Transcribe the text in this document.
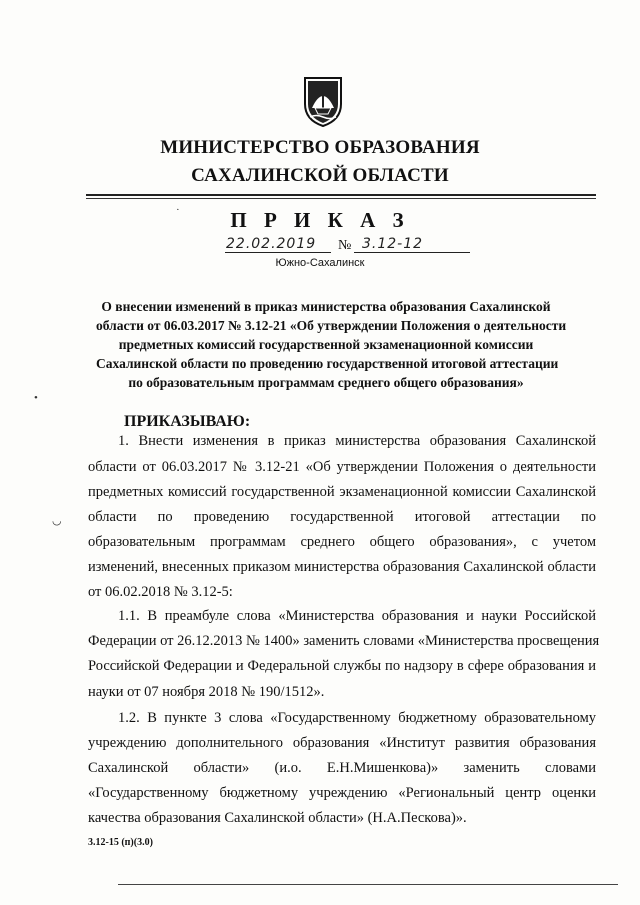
МИНИСТЕРСТВО ОБРАЗОВАНИЯ
САХАЛИНСКОЙ ОБЛАСТИ
П Р И К А З
22.02.2019 № 3.12-12
Южно-Сахалинск
О внесении изменений в приказ министерства образования Сахалинской
области от 06.03.2017 № 3.12-21 «Об утверждении Положения о деятельности
предметных комиссий государственной экзаменационной комиссии
Сахалинской области по проведению государственной итоговой аттестации
по образовательным программам среднего общего образования»
ПРИКАЗЫВАЮ:
1. Внести изменения в приказ министерства образования Сахалинской
области от 06.03.2017 № 3.12-21 «Об утверждении Положения о деятельности
предметных комиссий государственной экзаменационной комиссии Сахалинской
области по проведению государственной итоговой аттестации по
образовательным программам среднего общего образования», с учетом
изменений, внесенных приказом министерства образования Сахалинской области
от 06.02.2018 № 3.12-5:
1.1. В преамбуле слова «Министерства образования и науки Российской
Федерации от 26.12.2013 № 1400» заменить словами «Министерства просвещения
Российской Федерации и Федеральной службы по надзору в сфере образования и
науки от 07 ноября 2018 № 190/1512».
1.2. В пункте 3 слова «Государственному бюджетному образовательному
учреждению дополнительного образования «Институт развития образования
Сахалинской области» (и.о. Е.Н.Мишенкова)» заменить словами
«Государственному бюджетному учреждению «Региональный центр оценки
качества образования Сахалинской области» (Н.А.Пескова)».
3.12-15 (п)(3.0)
•
◡
·
